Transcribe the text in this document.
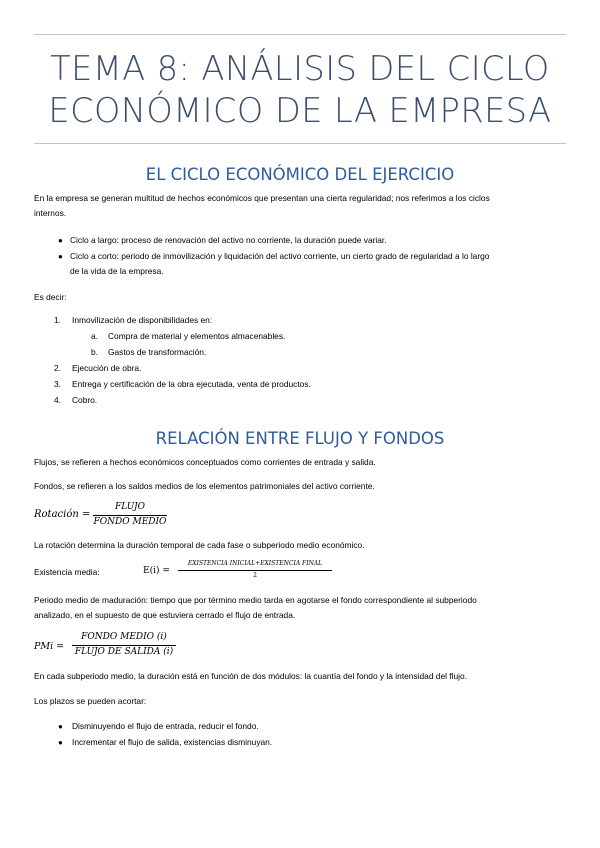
TEMA 8: ANÁLISIS DEL CICLO
ECONÓMICO DE LA EMPRESA
EL CICLO ECONÓMICO DEL EJERCICIO
En la empresa se generan multitud de hechos económicos que presentan una cierta regularidad; nos referimos a los ciclos
internos.
● Ciclo a largo: proceso de renovación del activo no corriente, la duración puede variar.
● Ciclo a corto: periodo de inmovilización y liquidación del activo corriente, un cierto grado de regularidad a lo largo
de la vida de la empresa.
Es decir:
1. Inmovilización de disponibilidades en:
a. Compra de material y elementos almacenables.
b. Gastos de transformación.
2. Ejecución de obra.
3. Entrega y certificación de la obra ejecutada, venta de productos.
4. Cobro.
RELACIÓN ENTRE FLUJO Y FONDOS
Flujos, se refieren a hechos económicos conceptuados como corrientes de entrada y salida.
Fondos, se refieren a los saldos medios de los elementos patrimoniales del activo corriente.
Rotación =
FLUJO
FONDO MEDIO
La rotación determina la duración temporal de cada fase o subperiodo medio económico.
Existencia media:	E(i) =
EXISTENCIA INICIAL+EXISTENCIA FINAL
2
Periodo medio de maduración: tiempo que por término medio tarda en agotarse el fondo correspondiente al subperiodo
analizado, en el supuesto de que estuviera cerrado el flujo de entrada.
PMi =
FONDO MEDIO (i)
FLUJO DE SALIDA (i)
En cada subperiodo medio, la duración está en función de dos módulos: la cuantía del fondo y la intensidad del flujo.
Los plazos se pueden acortar:
● Disminuyendo el flujo de entrada, reducir el fondo.
● Incrementar el flujo de salida, existencias disminuyan.
